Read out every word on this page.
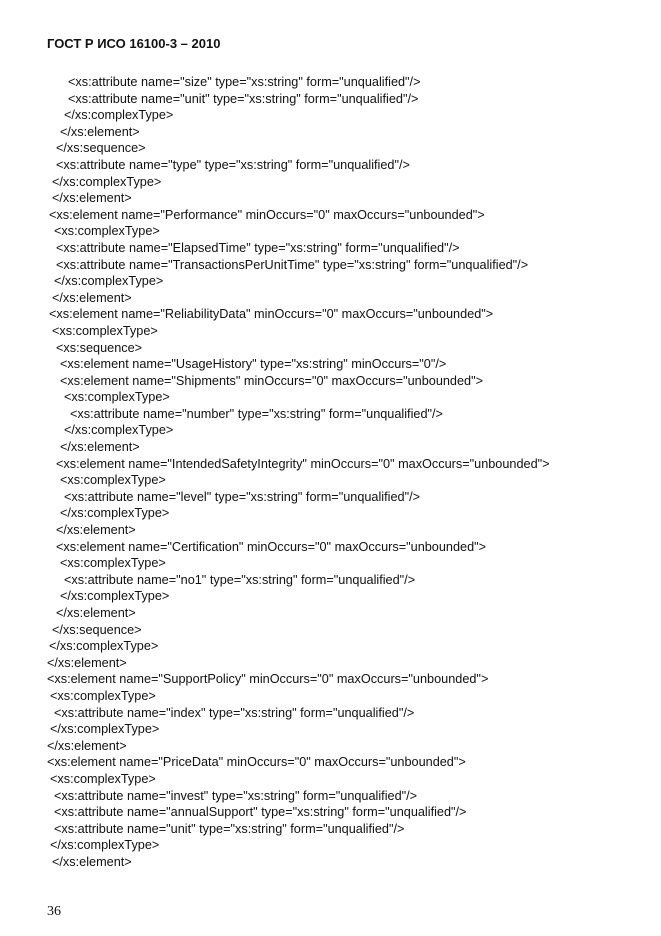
ГОСТ Р ИСО 16100-3 – 2010
<xs:attribute name="size" type="xs:string" form="unqualified"/>
<xs:attribute name="unit" type="xs:string" form="unqualified"/>
</xs:complexType>
</xs:element>
</xs:sequence>
<xs:attribute name="type" type="xs:string" form="unqualified"/>
</xs:complexType>
</xs:element>
<xs:element name="Performance" minOccurs="0" maxOccurs="unbounded">
<xs:complexType>
<xs:attribute name="ElapsedTime" type="xs:string" form="unqualified"/>
<xs:attribute name="TransactionsPerUnitTime" type="xs:string" form="unqualified"/>
</xs:complexType>
</xs:element>
<xs:element name="ReliabilityData" minOccurs="0" maxOccurs="unbounded">
<xs:complexType>
<xs:sequence>
<xs:element name="UsageHistory" type="xs:string" minOccurs="0"/>
<xs:element name="Shipments" minOccurs="0" maxOccurs="unbounded">
<xs:complexType>
<xs:attribute name="number" type="xs:string" form="unqualified"/>
</xs:complexType>
</xs:element>
<xs:element name="IntendedSafetyIntegrity" minOccurs="0" maxOccurs="unbounded">
<xs:complexType>
<xs:attribute name="level" type="xs:string" form="unqualified"/>
</xs:complexType>
</xs:element>
<xs:element name="Certification" minOccurs="0" maxOccurs="unbounded">
<xs:complexType>
<xs:attribute name="no1" type="xs:string" form="unqualified"/>
</xs:complexType>
</xs:element>
</xs:sequence>
</xs:complexType>
</xs:element>
<xs:element name="SupportPolicy" minOccurs="0" maxOccurs="unbounded">
<xs:complexType>
<xs:attribute name="index" type="xs:string" form="unqualified"/>
</xs:complexType>
</xs:element>
<xs:element name="PriceData" minOccurs="0" maxOccurs="unbounded">
<xs:complexType>
<xs:attribute name="invest" type="xs:string" form="unqualified"/>
<xs:attribute name="annualSupport" type="xs:string" form="unqualified"/>
<xs:attribute name="unit" type="xs:string" form="unqualified"/>
</xs:complexType>
</xs:element>
36
